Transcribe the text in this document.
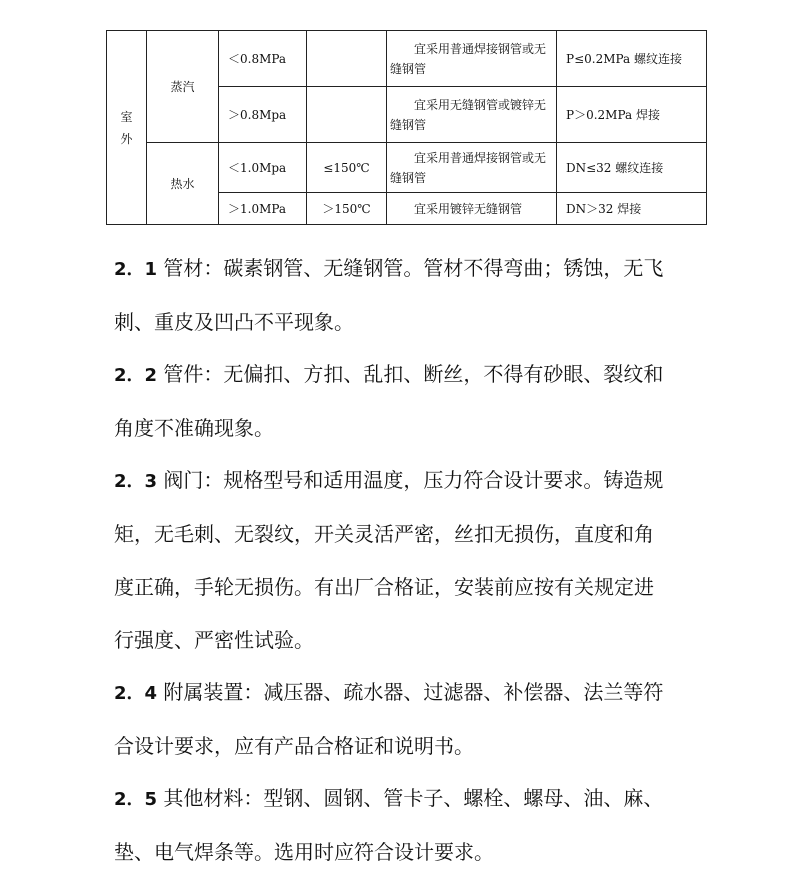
室外	蒸汽	＜0.8MPa		宜采用普通焊接钢管或无缝钢管	P≤0.2MPa 螺纹连接
		＞0.8Mpa		宜采用无缝钢管或镀锌无缝钢管	P＞0.2MPa 焊接
	热水	＜1.0Mpa	≤150℃	宜采用普通焊接钢管或无缝钢管	DN≤32 螺纹连接
		＞1.0MPa	＞150℃	宜采用镀锌无缝钢管	DN＞32 焊接
2．1 管材：碳素钢管、无缝钢管。管材不得弯曲；锈蚀，无飞
刺、重皮及凹凸不平现象。
2．2 管件：无偏扣、方扣、乱扣、断丝，不得有砂眼、裂纹和
角度不准确现象。
2．3 阀门：规格型号和适用温度，压力符合设计要求。铸造规
矩，无毛刺、无裂纹，开关灵活严密，丝扣无损伤，直度和角
度正确，手轮无损伤。有出厂合格证，安装前应按有关规定进
行强度、严密性试验。
2．4 附属装置：减压器、疏水器、过滤器、补偿器、法兰等符
合设计要求，应有产品合格证和说明书。
2．5 其他材料：型钢、圆钢、管卡子、螺栓、螺母、油、麻、
垫、电气焊条等。选用时应符合设计要求。
